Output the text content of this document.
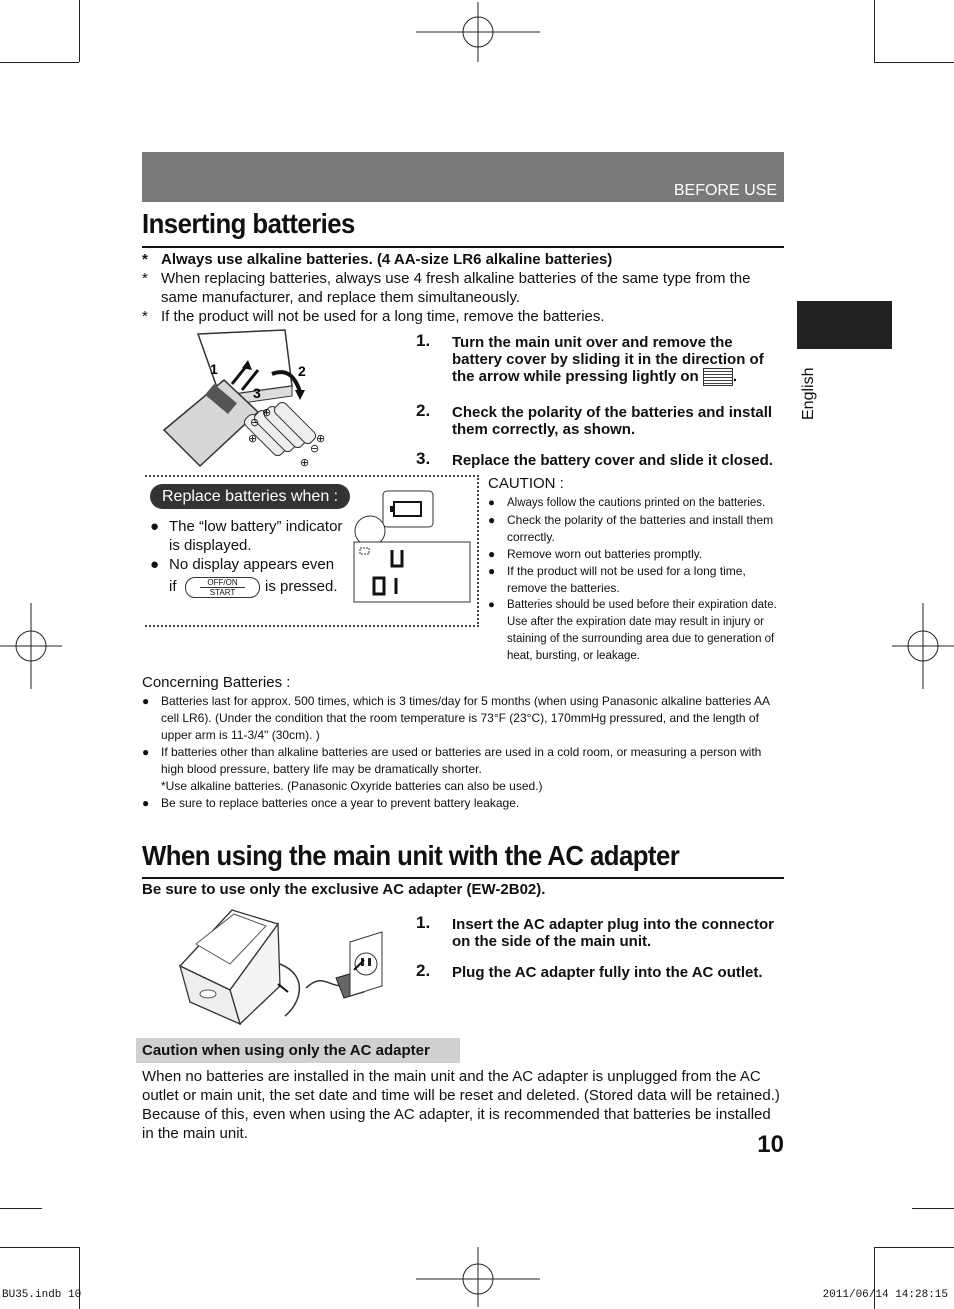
BEFORE USE
English
Inserting batteries
* Always use alkaline batteries. (4 AA-size LR6 alkaline batteries)
* When replacing batteries, always use 4 fresh alkaline batteries of the same type from the same manufacturer, and replace them simultaneously.
* If the product will not be used for a long time, remove the batteries.
⊕
⊖
⊕
⊖
⊕
⊕
1	2
3
1. Turn the main unit over and remove the battery cover by sliding it in the direction of the arrow while pressing lightly on .
2. Check the polarity of the batteries and install them correctly, as shown.
3. Replace the battery cover and slide it closed.
Replace batteries when :
● The “low battery” indicator is displayed.
● No display appears even
if	OFF/ON
START	is pressed.
CAUTION :
● Always follow the cautions printed on the batteries.
● Check the polarity of the batteries and install them correctly.
● Remove worn out batteries promptly.
● If the product will not be used for a long time, remove the batteries.
● Batteries should be used before their expiration date. Use after the expiration date may result in injury or staining of the surrounding area due to generation of heat, bursting, or leakage.
Concerning Batteries :
● Batteries last for approx. 500 times, which is 3 times/day for 5 months (when using Panasonic alkaline batteries AA cell LR6). (Under the condition that the room temperature is 73°F (23°C), 170mmHg pressured, and the length of upper arm is 11-3/4" (30cm). )
● If batteries other than alkaline batteries are used or batteries are used in a cold room, or measuring a person with high blood pressure, battery life may be dramatically shorter.
*Use alkaline batteries. (Panasonic Oxyride batteries can also be used.)
● Be sure to replace batteries once a year to prevent battery leakage.
When using the main unit with the AC adapter
Be sure to use only the exclusive AC adapter (EW-2B02).
1. Insert the AC adapter plug into the connector on the side of the main unit.
2. Plug the AC adapter fully into the AC outlet.
Caution when using only the AC adapter
When no batteries are installed in the main unit and the AC adapter is unplugged from the AC outlet or main unit, the set date and time will be reset and deleted. (Stored data will be retained.) Because of this, even when using the AC adapter, it is recommended that batteries be installed in the main unit.	10
BU35.indb 10	2011/06/14 14:28:15
